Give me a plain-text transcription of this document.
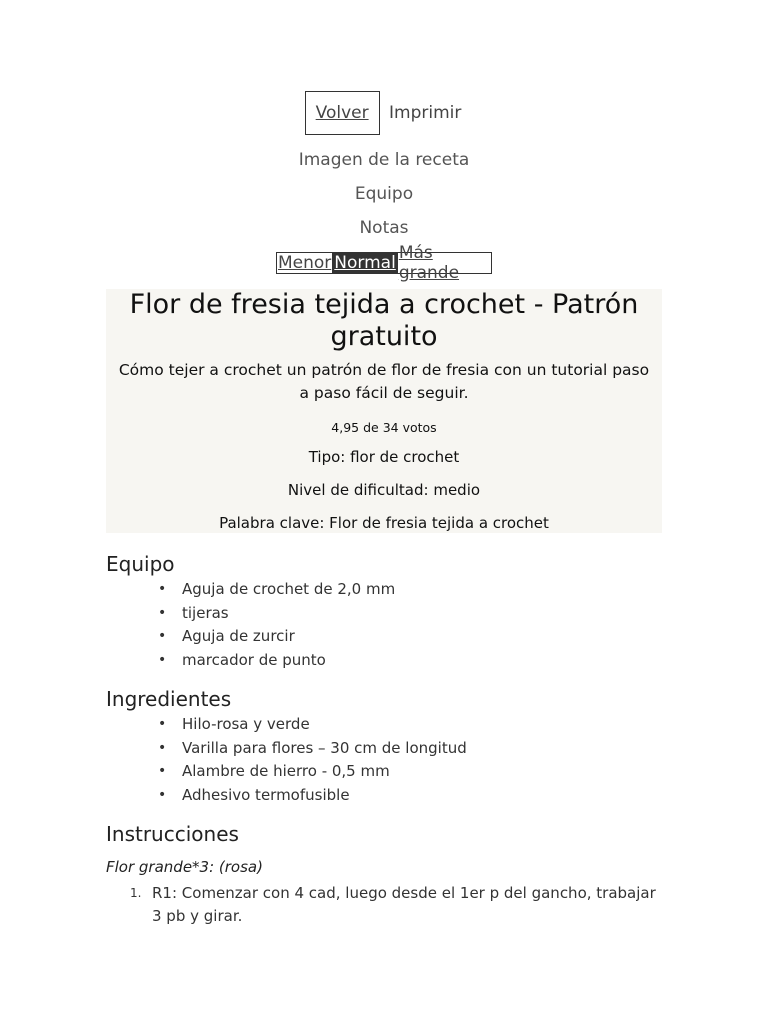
Volver Imprimir
Imagen de la receta
Equipo
Notas
Menor Normal Más grande
Flor de fresia tejida a crochet - Patrón gratuito

Cómo tejer a crochet un patrón de flor de fresia con un tutorial paso a paso fácil de seguir.

4,95 de 34 votos

Tipo: flor de crochet

Nivel de dificultad: medio

Palabra clave: Flor de fresia tejida a crochet

Equipo
• Aguja de crochet de 2,0 mm
• tijeras
• Aguja de zurcir
• marcador de punto
Ingredientes
• Hilo-rosa y verde
• Varilla para flores – 30 cm de longitud
• Alambre de hierro - 0,5 mm
• Adhesivo termofusible
Instrucciones
Flor grande*3: (rosa)
1. R1: Comenzar con 4 cad, luego desde el 1er p del gancho, trabajar 3 pb y girar.
